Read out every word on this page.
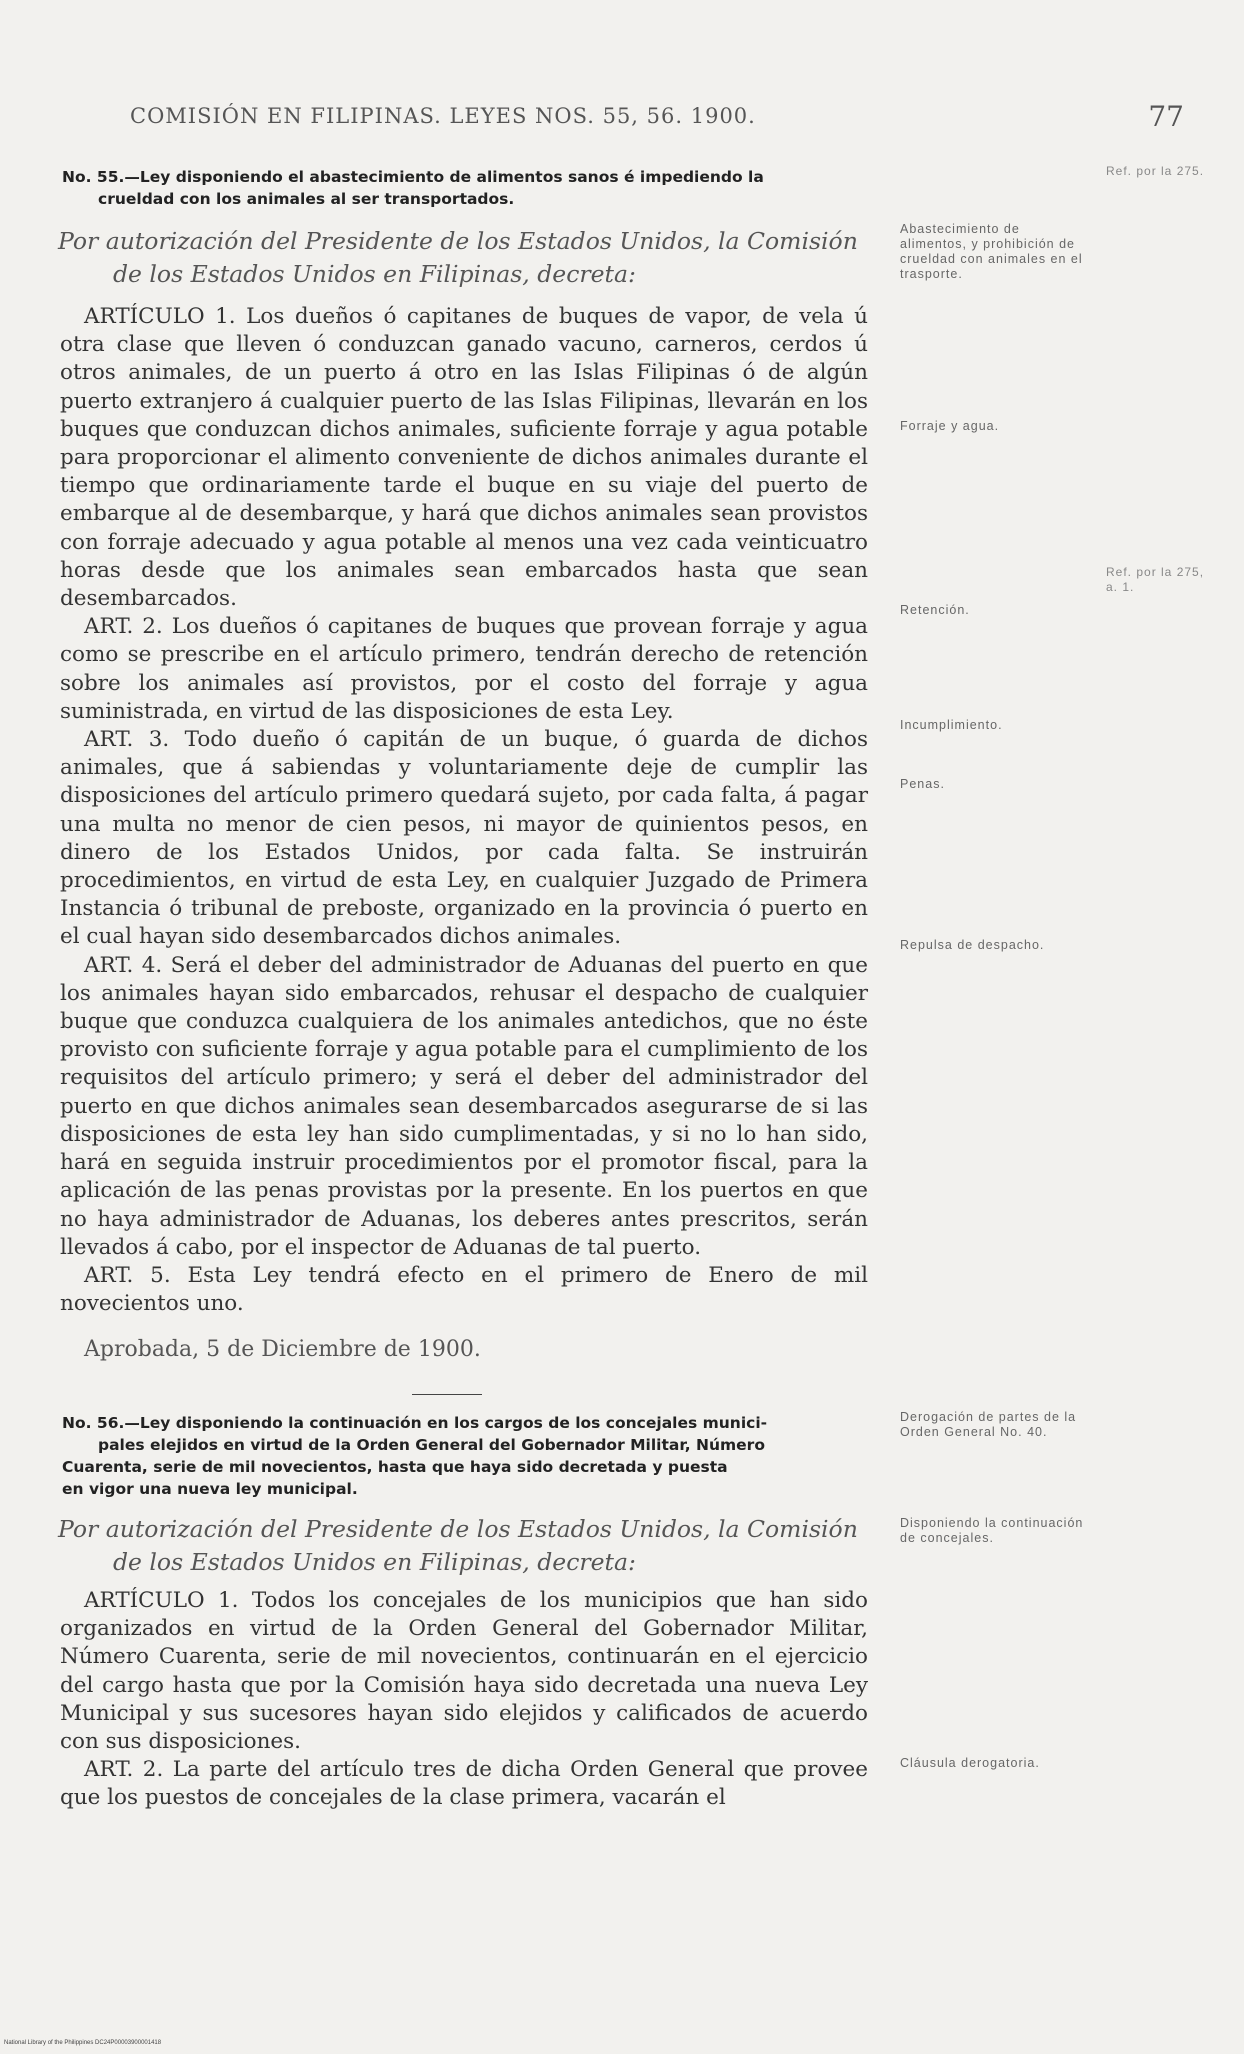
COMISIÓN EN FILIPINAS. LEYES NOS. 55, 56. 1900.	77
No. 55.—Ley disponiendo el abastecimiento de alimentos sanos é impediendo la
crueldad con los animales al ser transportados.
Por autorización del Presidente de los Estados Unidos, la Comisión
de los Estados Unidos en Filipinas, decreta:

ARTÍCULO 1. Los dueños ó capitanes de buques de vapor, de vela ú otra clase que lleven ó conduzcan ganado vacuno, carneros, cerdos ú otros animales, de un puerto á otro en las Islas Filipinas ó de algún puerto extranjero á cualquier puerto de las Islas Filipinas, llevarán en los buques que conduzcan dichos animales, suficiente forraje y agua potable para proporcionar el alimento conveniente de dichos animales durante el tiempo que ordinariamente tarde el buque en su viaje del puerto de embarque al de desembarque, y hará que dichos animales sean provistos con forraje adecuado y agua potable al menos una vez cada veinticuatro horas desde que los animales sean embarcados hasta que sean desembarcados.

ART. 2. Los dueños ó capitanes de buques que provean forraje y agua como se prescribe en el artículo primero, tendrán derecho de retención sobre los animales así provistos, por el costo del forraje y agua suministrada, en virtud de las disposiciones de esta Ley.

ART. 3. Todo dueño ó capitán de un buque, ó guarda de dichos animales, que á sabiendas y voluntariamente deje de cumplir las disposiciones del artículo primero quedará sujeto, por cada falta, á pagar una multa no menor de cien pesos, ni mayor de quinientos pesos, en dinero de los Estados Unidos, por cada falta. Se instruirán procedimientos, en virtud de esta Ley, en cualquier Juzgado de Primera Instancia ó tribunal de preboste, organizado en la provincia ó puerto en el cual hayan sido desembarcados dichos animales.

ART. 4. Será el deber del administrador de Aduanas del puerto en que los animales hayan sido embarcados, rehusar el despacho de cualquier buque que conduzca cualquiera de los animales antedichos, que no éste provisto con suficiente forraje y agua potable para el cumplimiento de los requisitos del artículo primero; y será el deber del administrador del puerto en que dichos animales sean desembarcados asegurarse de si las disposiciones de esta ley han sido cumplimentadas, y si no lo han sido, hará en seguida instruir procedimientos por el promotor fiscal, para la aplicación de las penas provistas por la presente. En los puertos en que no haya administrador de Aduanas, los deberes antes prescritos, serán llevados á cabo, por el inspector de Aduanas de tal puerto.

ART. 5. Esta Ley tendrá efecto en el primero de Enero de mil novecientos uno.

Aprobada, 5 de Diciembre de 1900.
No. 56.—Ley disponiendo la continuación en los cargos de los concejales munici-
pales elejidos en virtud de la Orden General del Gobernador Militar, Número
Cuarenta, serie de mil novecientos, hasta que haya sido decretada y puesta
en vigor una nueva ley municipal.
Por autorización del Presidente de los Estados Unidos, la Comisión
de los Estados Unidos en Filipinas, decreta:

ARTÍCULO 1. Todos los concejales de los municipios que han sido organizados en virtud de la Orden General del Gobernador Militar, Número Cuarenta, serie de mil novecientos, continuarán en el ejercicio del cargo hasta que por la Comisión haya sido decretada una nueva Ley Municipal y sus sucesores hayan sido elejidos y calificados de acuerdo con sus disposiciones.

ART. 2. La parte del artículo tres de dicha Orden General que provee que los puestos de concejales de la clase primera, vacarán el

Abastecimiento de alimentos, y prohibición de crueldad con animales en el trasporte.
Forraje y agua.
Retención.
Incumplimiento.
Penas.
Repulsa de despacho.
Derogación de partes de la Orden General No. 40.
Disponiendo la continuación de concejales.
Cláusula derogatoria.
Ref. por la 275.
Ref. por la 275, a. 1.
National Library of the Philippines DC24P00003900001418
